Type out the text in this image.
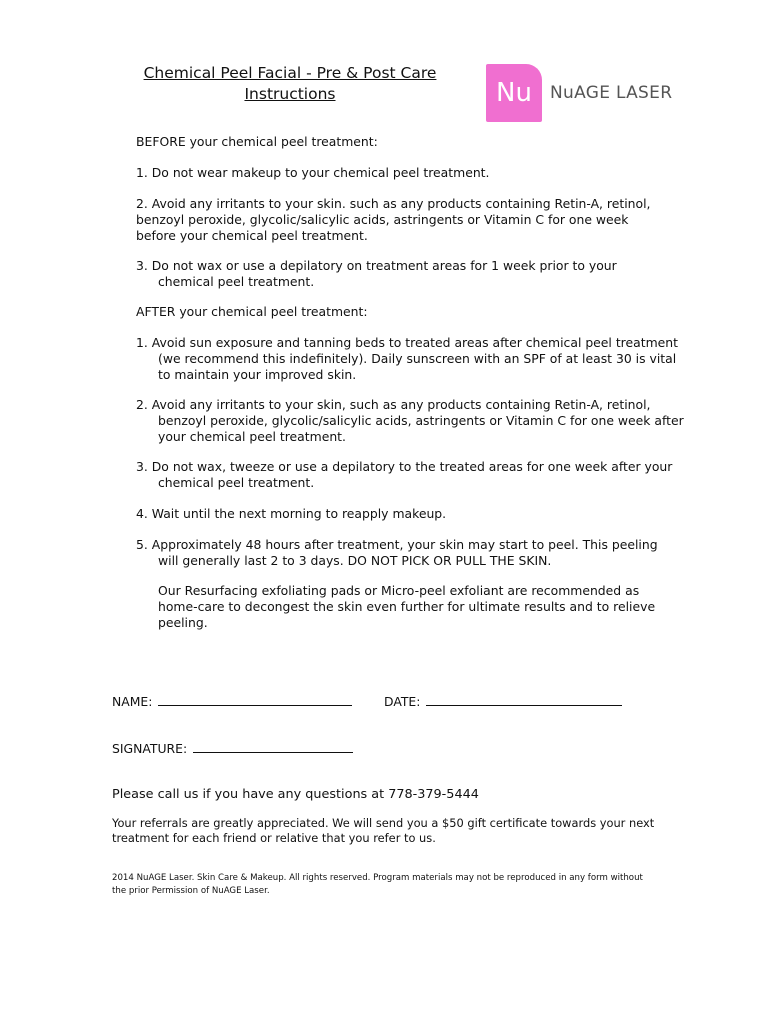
Chemical Peel Facial - Pre & Post Care
Instructions	Nu	NuAGE LASER
BEFORE your chemical peel treatment:
1. Do not wear makeup to your chemical peel treatment.
2. Avoid any irritants to your skin. such as any products containing Retin-A, retinol, benzoyl peroxide, glycolic/salicylic acids, astringents or Vitamin C for one week before your chemical peel treatment.
3. Do not wax or use a depilatory on treatment areas for 1 week prior to your chemical peel treatment.
AFTER your chemical peel treatment:
1. Avoid sun exposure and tanning beds to treated areas after chemical peel treatment (we recommend this indefinitely). Daily sunscreen with an SPF of at least 30 is vital to maintain your improved skin.
2. Avoid any irritants to your skin, such as any products containing Retin-A, retinol, benzoyl peroxide, glycolic/salicylic acids, astringents or Vitamin C for one week after your chemical peel treatment.
3. Do not wax, tweeze or use a depilatory to the treated areas for one week after your chemical peel treatment.
4. Wait until the next morning to reapply makeup.
5. Approximately 48 hours after treatment, your skin may start to peel. This peeling will generally last 2 to 3 days. DO NOT PICK OR PULL THE SKIN.
Our Resurfacing exfoliating pads or Micro-peel exfoliant are recommended as home-care to decongest the skin even further for ultimate results and to relieve peeling.
NAME:	DATE:
SIGNATURE:
Please call us if you have any questions at 778-379-5444
Your referrals are greatly appreciated. We will send you a $50 gift certificate towards your next treatment for each friend or relative that you refer to us.
2014 NuAGE Laser. Skin Care & Makeup. All rights reserved. Program materials may not be reproduced in any form without the prior Permission of NuAGE Laser.
